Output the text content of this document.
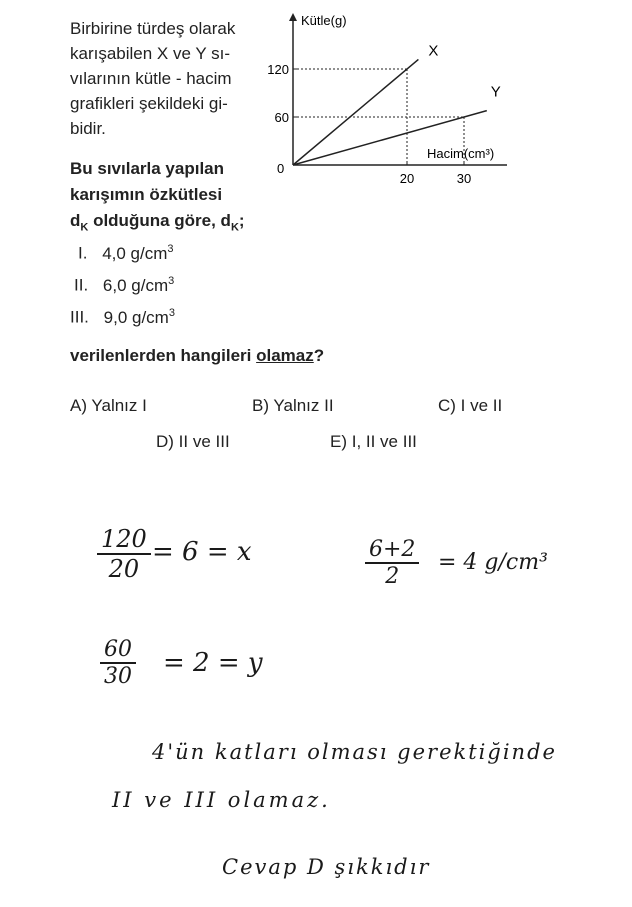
Birbirine türdeş olarak
karışabilen X ve Y sı-
vılarının kütle - hacim
grafikleri şekildeki gi-
bidir.
Bu sıvılarla yapılan
karışımın özkütlesi
$d_K$ olduğuna göre, $d_K$;
I. 4,0 $g/cm^3$
II. 6,0 $g/cm^3$
III. 9,0 $g/cm^3$
verilenlerden hangileri olamaz?
A) Yalnız I	B) Yalnız II	C) I ve II
D) II ve III	E) I, II ve III
Kütle(g)
Hacim(cm³)
0
60
120
20	30
X
Y
$\frac{120}{20} = 6 = x$	$\frac{6+2}{2} = 4$ g/cm³
$\frac{60}{30} = 2 = y$
4'ün katları olması gerektiğinde
II ve III olamaz.
Cevap D şıkkıdır
